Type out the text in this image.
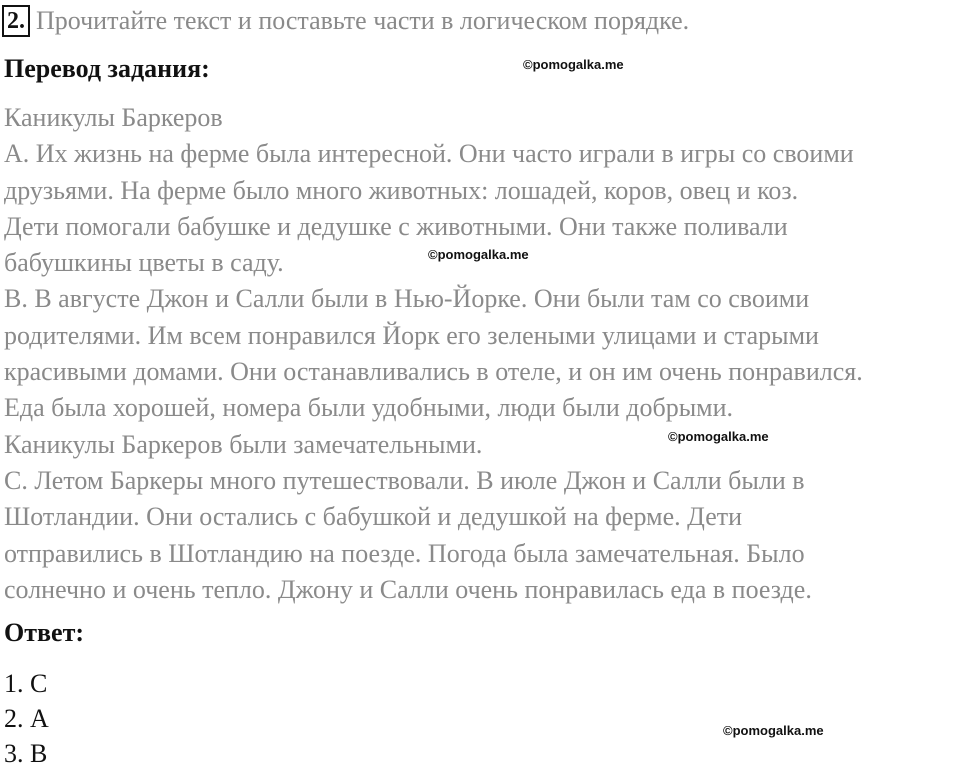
2. Прочитайте текст и поставьте части в логическом порядке.
Перевод задания:	©pomogalka.me
Каникулы Баркеров
А. Их жизнь на ферме была интересной. Они часто играли в игры со своими
друзьями. На ферме было много животных: лошадей, коров, овец и коз.
Дети помогали бабушке и дедушке с животными. Они также поливали
бабушкины цветы в саду.
В. В августе Джон и Салли были в Нью-Йорке. Они были там со своими
родителями. Им всем понравился Йорк его зелеными улицами и старыми
красивыми домами. Они останавливались в отеле, и он им очень понравился.
Еда была хорошей, номера были удобными, люди были добрыми.
Каникулы Баркеров были замечательными.
С. Летом Баркеры много путешествовали. В июле Джон и Салли были в
Шотландии. Они остались с бабушкой и дедушкой на ферме. Дети
отправились в Шотландию на поезде. Погода была замечательная. Было
солнечно и очень тепло. Джону и Салли очень понравилась еда в поезде.
©pomogalka.me
©pomogalka.me
Ответ:
1. С
2. А
3. В
©pomogalka.me
